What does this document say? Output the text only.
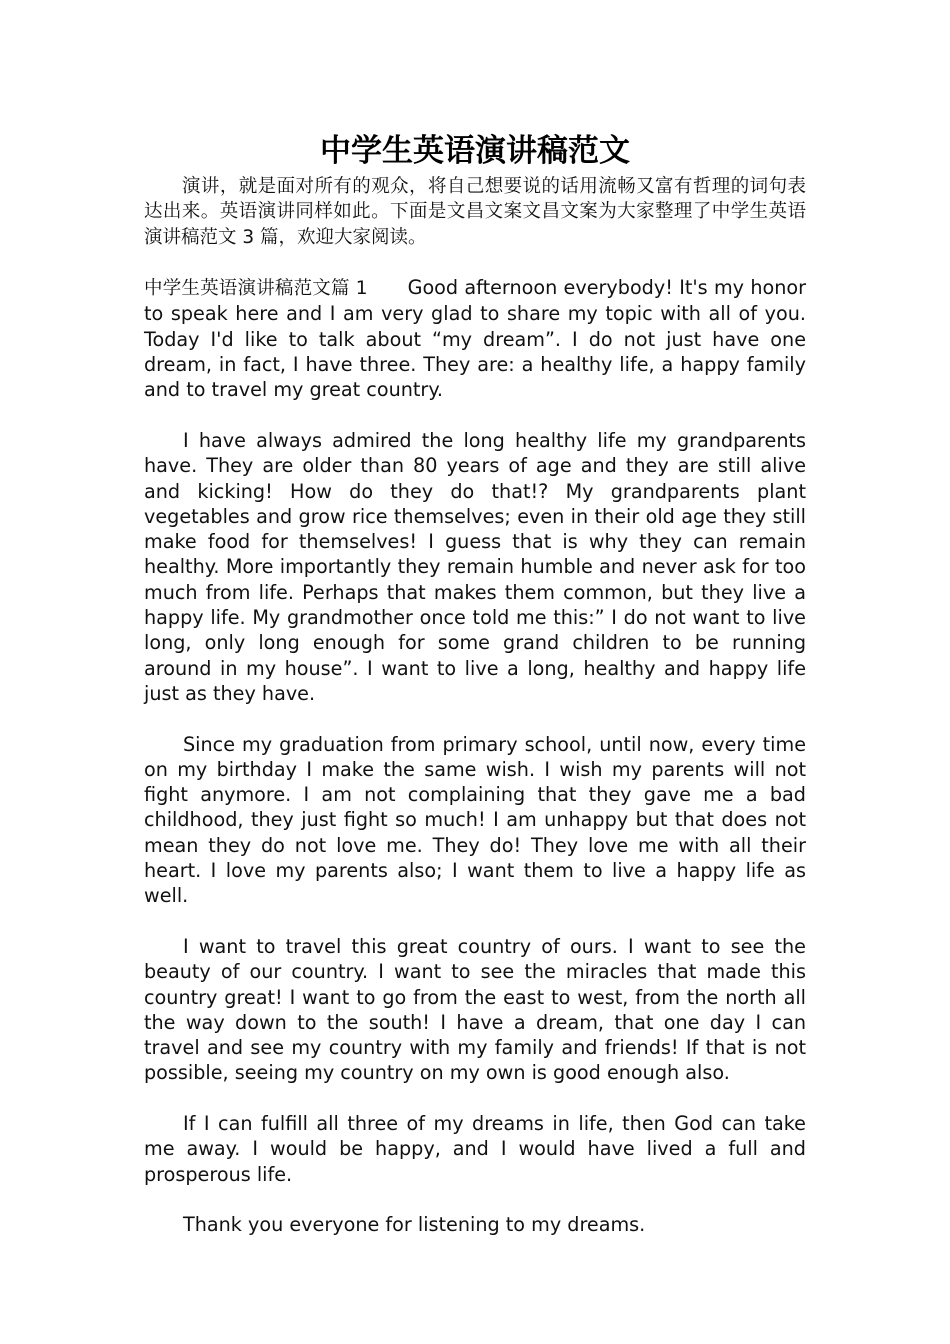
中学生英语演讲稿范文

演讲，就是面对所有的观众，将自己想要说的话用流畅又富有哲理的词句表达出来。英语演讲同样如此。下面是文昌文案文昌文案为大家整理了中学生英语演讲稿范文 3 篇，欢迎大家阅读。

中学生英语演讲稿范文篇 1 Good afternoon everybody! It's my honor to speak here and I am very glad to share my topic with all of you. Today I'd like to talk about “my dream”. I do not just have one dream, in fact, I have three. They are: a healthy life, a happy family and to travel my great country.

I have always admired the long healthy life my grandparents have. They are older than 80 years of age and they are still alive and kicking! How do they do that!? My grandparents plant vegetables and grow rice themselves; even in their old age they still make food for themselves! I guess that is why they can remain healthy. More importantly they remain humble and never ask for too much from life. Perhaps that makes them common, but they live a happy life. My grandmother once told me this:” I do not want to live long, only long enough for some grand children to be running around in my house”. I want to live a long, healthy and happy life just as they have.

Since my graduation from primary school, until now, every time on my birthday I make the same wish. I wish my parents will not fight anymore. I am not complaining that they gave me a bad childhood, they just fight so much! I am unhappy but that does not mean they do not love me. They do! They love me with all their heart. I love my parents also; I want them to live a happy life as well.

I want to travel this great country of ours. I want to see the beauty of our country. I want to see the miracles that made this country great! I want to go from the east to west, from the north all the way down to the south! I have a dream, that one day I can travel and see my country with my family and friends! If that is not possible, seeing my country on my own is good enough also.

If I can fulfill all three of my dreams in life, then God can take me away. I would be happy, and I would have lived a full and prosperous life.

Thank you everyone for listening to my dreams.
